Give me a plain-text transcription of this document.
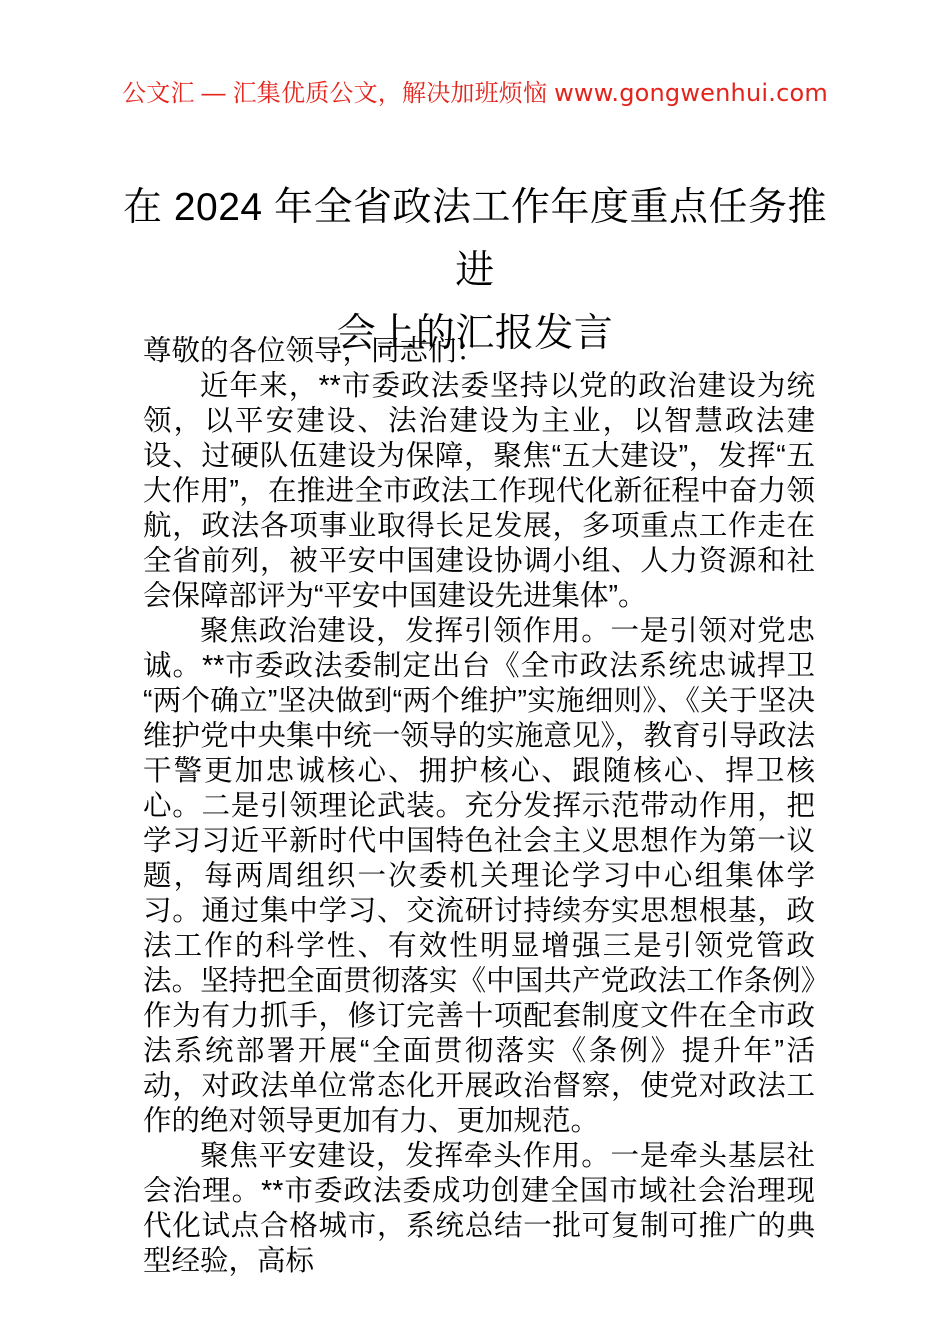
公文汇 — 汇集优质公文，解决加班烦恼 www.gongwenhui.com
在 2024 年全省政法工作年度重点任务推进
会上的汇报发言

尊敬的各位领导，同志们：

近年来，**市委政法委坚持以党的政治建设为统领，以平安建设、法治建设为主业，以智慧政法建设、过硬队伍建设为保障，聚焦“五大建设”，发挥“五大作用”，在推进全市政法工作现代化新征程中奋力领航，政法各项事业取得长足发展，多项重点工作走在全省前列，被平安中国建设协调小组、人力资源和社会保障部评为“平安中国建设先进集体”。

聚焦政治建设，发挥引领作用。一是引领对党忠诚。**市委政法委制定出台《全市政法系统忠诚捍卫“两个确立”坚决做到“两个维护”实施细则》、《关于坚决维护党中央集中统一领导的实施意见》，教育引导政法干警更加忠诚核心、拥护核心、跟随核心、捍卫核心。二是引领理论武装。充分发挥示范带动作用，把学习习近平新时代中国特色社会主义思想作为第一议题，每两周组织一次委机关理论学习中心组集体学习。通过集中学习、交流研讨持续夯实思想根基，政法工作的科学性、有效性明显增强三是引领党管政法。坚持把全面贯彻落实《中国共产党政法工作条例》作为有力抓手，修订完善十项配套制度文件在全市政法系统部署开展“全面贯彻落实《条例》提升年”活动，对政法单位常态化开展政治督察，使党对政法工作的绝对领导更加有力、更加规范。

聚焦平安建设，发挥牵头作用。一是牵头基层社会治理。**市委政法委成功创建全国市域社会治理现代化试点合格城市，系统总结一批可复制可推广的典型经验，高标
